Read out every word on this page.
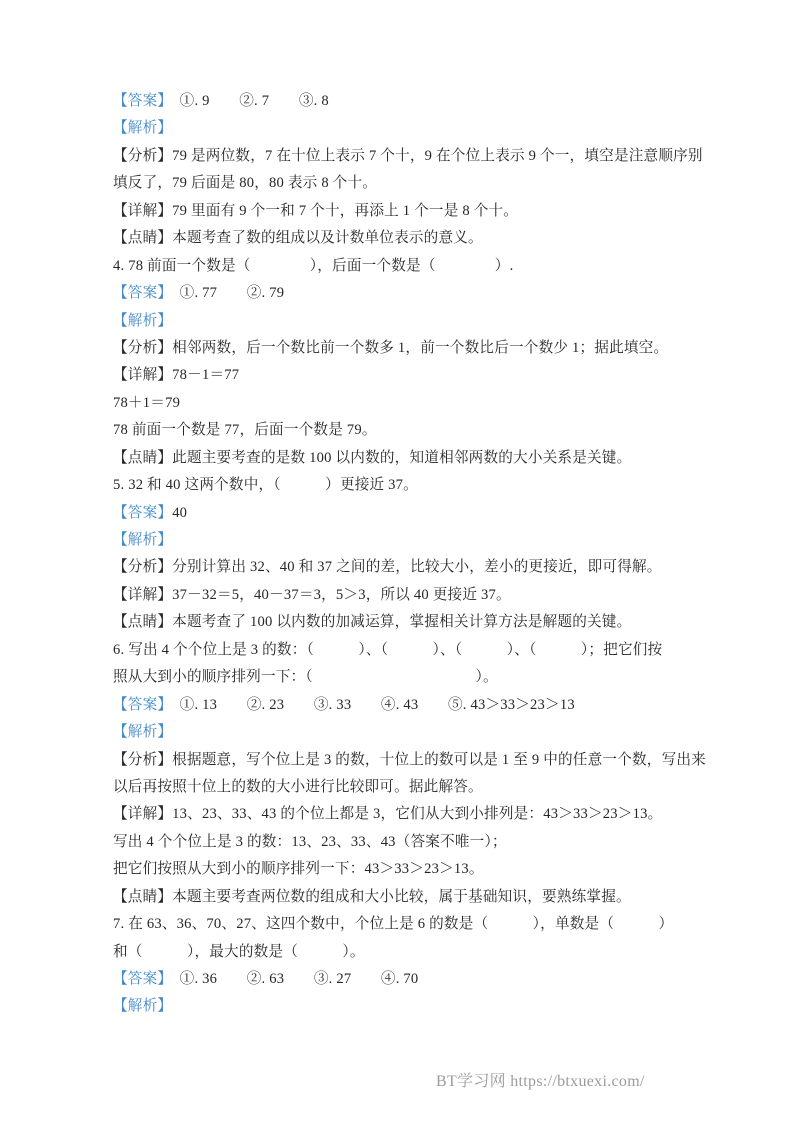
【答案】　①. 9　　②. 7　　③. 8
【解析】
【分析】79 是两位数，7 在十位上表示 7 个十，9 在个位上表示 9 个一，填空是注意顺序别
填反了，79 后面是 80，80 表示 8 个十。
【详解】79 里面有 9 个一和 7 个十，再添上 1 个一是 8 个十。
【点睛】本题考查了数的组成以及计数单位表示的意义。
4. 78 前面一个数是（　　　　），后面一个数是（　　　　）.
【答案】　①. 77　　②. 79
【解析】
【分析】相邻两数，后一个数比前一个数多 1，前一个数比后一个数少 1；据此填空。
【详解】78－1＝77
78＋1＝79
78 前面一个数是 77，后面一个数是 79。
【点睛】此题主要考查的是数 100 以内数的，知道相邻两数的大小关系是关键。
5. 32 和 40 这两个数中，（　　　）更接近 37。
【答案】40
【解析】
【分析】分别计算出 32、40 和 37 之间的差，比较大小，差小的更接近，即可得解。
【详解】37－32＝5，40－37＝3，5＞3，所以 40 更接近 37。
【点睛】本题考查了 100 以内数的加减运算，掌握相关计算方法是解题的关键。
6. 写出 4 个个位上是 3 的数：（　　　）、（　　　）、（　　　）、（　　　）；把它们按
照从大到小的顺序排列一下：（　　　　　　　　　　　）。
【答案】　①. 13　　②. 23　　③. 33　　④. 43　　⑤. 43＞33＞23＞13
【解析】
【分析】根据题意，写个位上是 3 的数，十位上的数可以是 1 至 9 中的任意一个数，写出来
以后再按照十位上的数的大小进行比较即可。据此解答。
【详解】13、23、33、43 的个位上都是 3，它们从大到小排列是：43＞33＞23＞13。
写出 4 个个位上是 3 的数：13、23、33、43（答案不唯一）；
把它们按照从大到小的顺序排列一下：43＞33＞23＞13。
【点睛】本题主要考查两位数的组成和大小比较，属于基础知识，要熟练掌握。
7. 在 63、36、70、27、这四个数中，个位上是 6 的数是（　　　），单数是（　　　）
和（　　　），最大的数是（　　　）。
【答案】　①. 36　　②. 63　　③. 27　　④. 70
【解析】
BT学习网 https://btxuexi.com/
